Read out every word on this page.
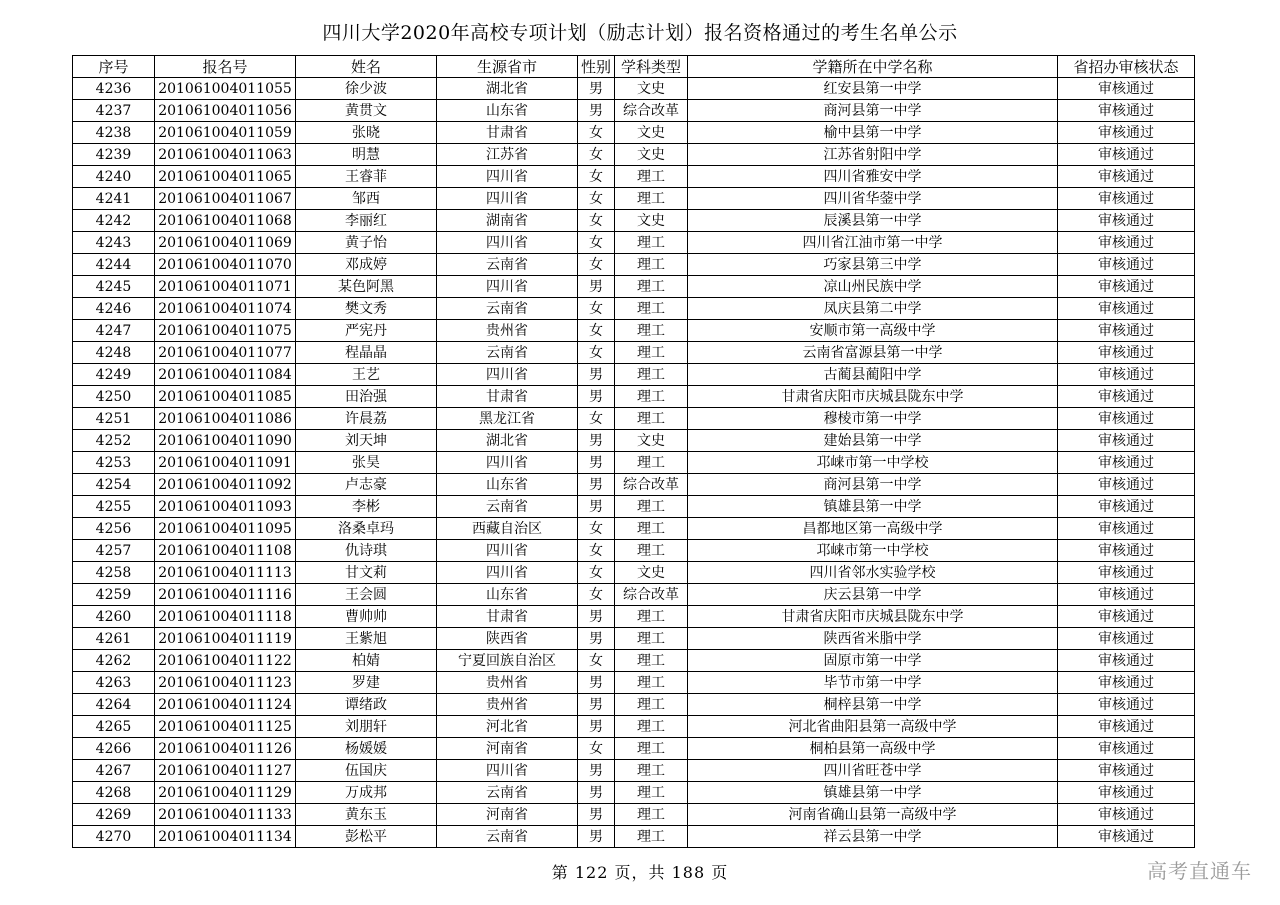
四川大学2020年高校专项计划（励志计划）报名资格通过的考生名单公示
序号	报名号	姓名	生源省市	性别	学科类型	学籍所在中学名称	省招办审核状态
4236	201061004011055	徐少波	湖北省	男	文史	红安县第一中学	审核通过
4237	201061004011056	黄贯文	山东省	男	综合改革	商河县第一中学	审核通过
4238	201061004011059	张晓	甘肃省	女	文史	榆中县第一中学	审核通过
4239	201061004011063	明慧	江苏省	女	文史	江苏省射阳中学	审核通过
4240	201061004011065	王睿菲	四川省	女	理工	四川省雅安中学	审核通过
4241	201061004011067	邹西	四川省	女	理工	四川省华蓥中学	审核通过
4242	201061004011068	李丽红	湖南省	女	文史	辰溪县第一中学	审核通过
4243	201061004011069	黄子怡	四川省	女	理工	四川省江油市第一中学	审核通过
4244	201061004011070	邓成婷	云南省	女	理工	巧家县第三中学	审核通过
4245	201061004011071	某色阿黑	四川省	男	理工	凉山州民族中学	审核通过
4246	201061004011074	樊文秀	云南省	女	理工	凤庆县第二中学	审核通过
4247	201061004011075	严宪丹	贵州省	女	理工	安顺市第一高级中学	审核通过
4248	201061004011077	程晶晶	云南省	女	理工	云南省富源县第一中学	审核通过
4249	201061004011084	王艺	四川省	男	理工	古蔺县蔺阳中学	审核通过
4250	201061004011085	田治强	甘肃省	男	理工	甘肃省庆阳市庆城县陇东中学	审核通过
4251	201061004011086	许晨荔	黑龙江省	女	理工	穆棱市第一中学	审核通过
4252	201061004011090	刘天坤	湖北省	男	文史	建始县第一中学	审核通过
4253	201061004011091	张昊	四川省	男	理工	邛崃市第一中学校	审核通过
4254	201061004011092	卢志豪	山东省	男	综合改革	商河县第一中学	审核通过
4255	201061004011093	李彬	云南省	男	理工	镇雄县第一中学	审核通过
4256	201061004011095	洛桑卓玛	西藏自治区	女	理工	昌都地区第一高级中学	审核通过
4257	201061004011108	仇诗琪	四川省	女	理工	邛崃市第一中学校	审核通过
4258	201061004011113	甘文莉	四川省	女	文史	四川省邻水实验学校	审核通过
4259	201061004011116	王会圆	山东省	女	综合改革	庆云县第一中学	审核通过
4260	201061004011118	曹帅帅	甘肃省	男	理工	甘肃省庆阳市庆城县陇东中学	审核通过
4261	201061004011119	王紫旭	陕西省	男	理工	陕西省米脂中学	审核通过
4262	201061004011122	柏婧	宁夏回族自治区	女	理工	固原市第一中学	审核通过
4263	201061004011123	罗建	贵州省	男	理工	毕节市第一中学	审核通过
4264	201061004011124	谭绪政	贵州省	男	理工	桐梓县第一中学	审核通过
4265	201061004011125	刘朋轩	河北省	男	理工	河北省曲阳县第一高级中学	审核通过
4266	201061004011126	杨媛媛	河南省	女	理工	桐柏县第一高级中学	审核通过
4267	201061004011127	伍国庆	四川省	男	理工	四川省旺苍中学	审核通过
4268	201061004011129	万成邦	云南省	男	理工	镇雄县第一中学	审核通过
4269	201061004011133	黄东玉	河南省	男	理工	河南省确山县第一高级中学	审核通过
4270	201061004011134	彭松平	云南省	男	理工	祥云县第一中学	审核通过
第 122 页，共 188 页	高考直通车
